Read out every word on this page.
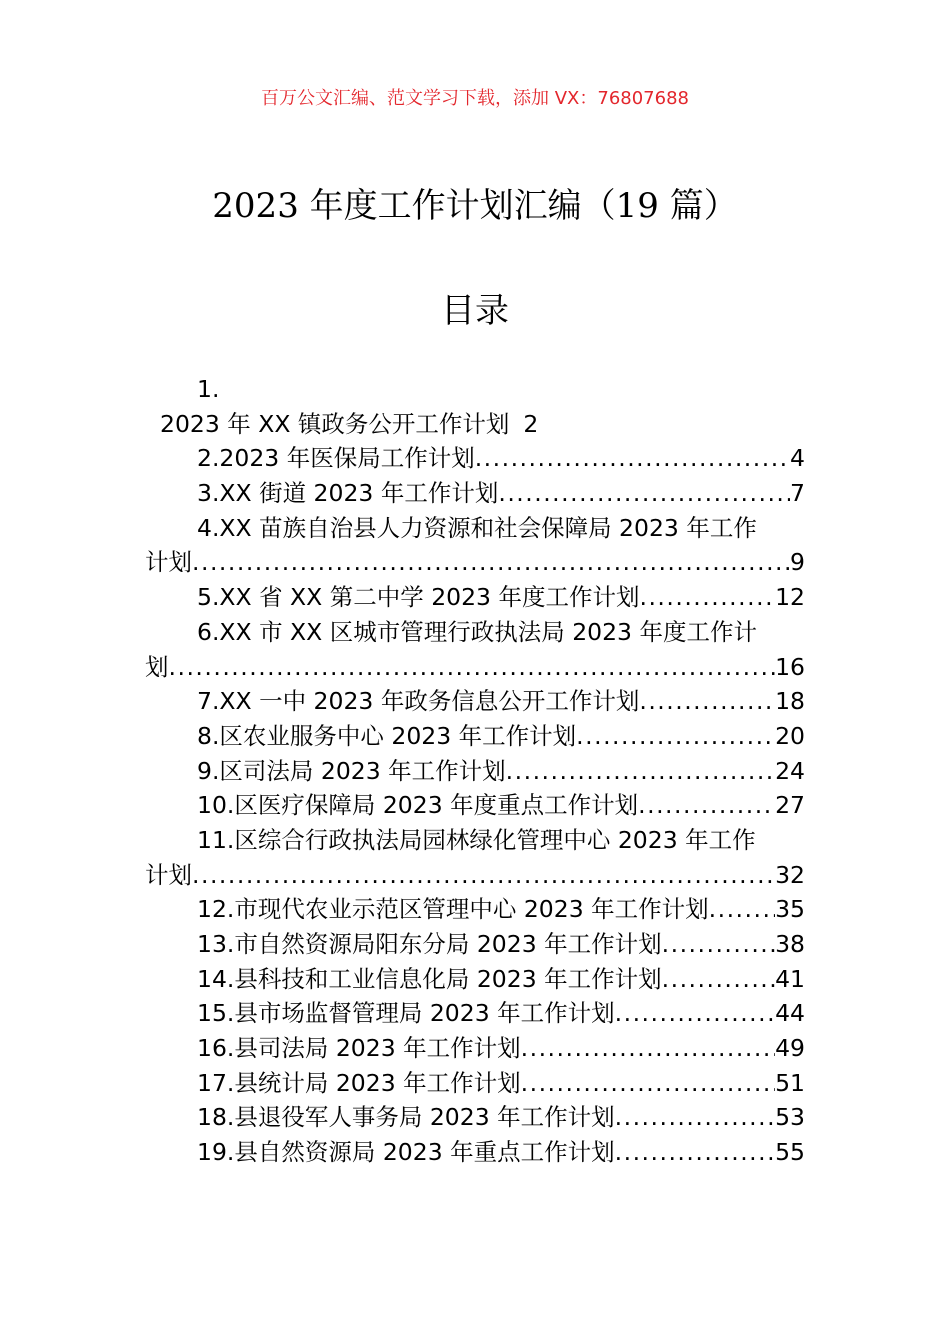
百万公文汇编、范文学习下载，添加 VX：76807688
2023 年度工作计划汇编（19 篇）
目录
1.
2023 年 XX 镇政务公开工作计划 2
2. 2023 年医保局工作计划 .....	4
3. XX 街道 2023 年工作计划 .....	7
4. XX 苗族自治县人力资源和社会保障局 2023 年工作
计划 .....	9
5. XX 省 XX 第二中学 2023 年度工作计划 .....	12
6. XX 市 XX 区城市管理行政执法局 2023 年度工作计
划 .....	16
7. XX 一中 2023 年政务信息公开工作计划 .....	18
8. 区农业服务中心 2023 年工作计划 .....	20
9. 区司法局 2023 年工作计划 .....	24
10. 区医疗保障局 2023 年度重点工作计划 .....	27
11. 区综合行政执法局园林绿化管理中心 2023 年工作
计划 .....	32
12. 市现代农业示范区管理中心 2023 年工作计划 .....	35
13. 市自然资源局阳东分局 2023 年工作计划 .....	38
14. 县科技和工业信息化局 2023 年工作计划 .....	41
15. 县市场监督管理局 2023 年工作计划 .....	44
16. 县司法局 2023 年工作计划 .....	49
17. 县统计局 2023 年工作计划 .....	51
18. 县退役军人事务局 2023 年工作计划 .....	53
19. 县自然资源局 2023 年重点工作计划 .....	55
